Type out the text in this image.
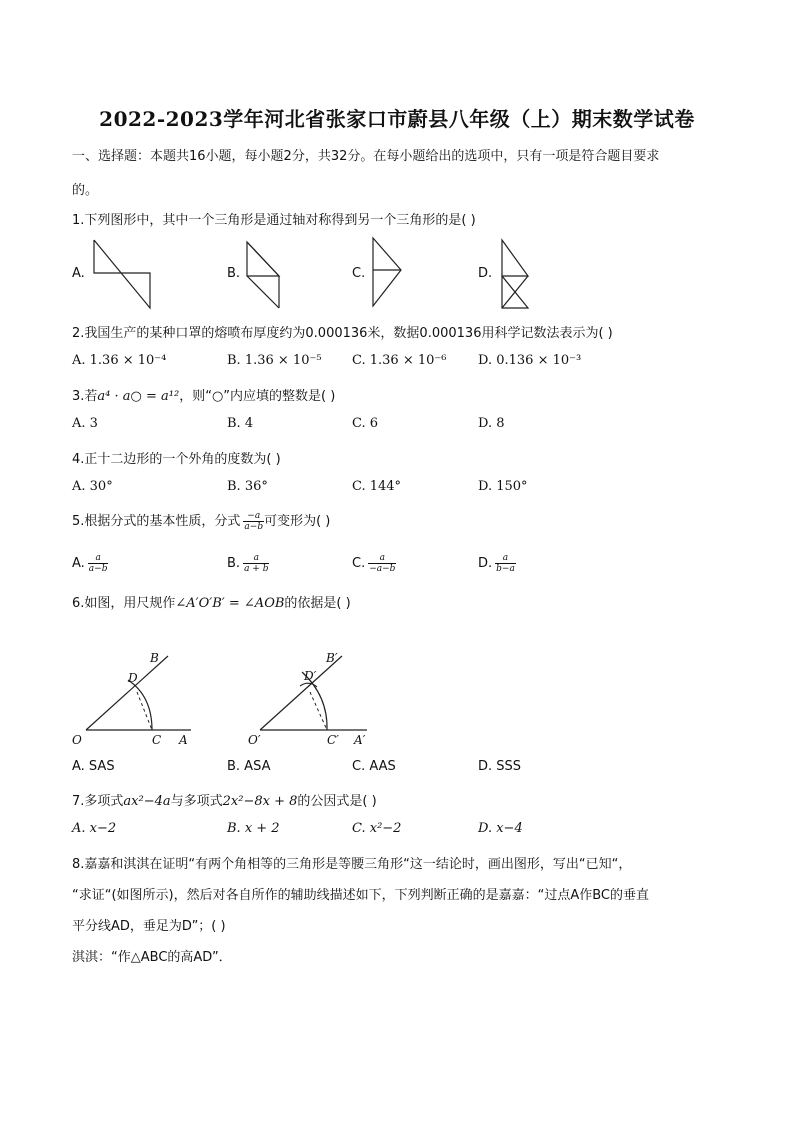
2022-2023学年河北省张家口市蔚县八年级（上）期末数学试卷
一、选择题：本题共16小题，每小题2分，共32分。在每小题给出的选项中，只有一项是符合题目要求
的。
1.下列图形中，其中一个三角形是通过轴对称得到另一个三角形的是( )
A.	B.	C.	D.
2.我国生产的某种口罩的熔喷布厚度约为0.000136米，数据0.000136用科学记数法表示为( )
A. 1.36 × 10⁻⁴	B. 1.36 × 10⁻⁵ C. 1.36 × 10⁻⁶ D. 0.136 × 10⁻³
3.若a⁴ · a○ = a¹²，则“○”内应填的整数是( )
A. 3	B. 4	C. 6	D. 8
4.正十二边形的一个外角的度数为( )
A. 30°	B. 36°	C. 144°	D. 150°
5.根据分式的基本性质，分式 $\frac{-a}{a-b}$ 可变形为( )
A. $\frac{a}{a-b}$	B. $\frac{a}{a + b}$	C. $\frac{a}{-a-b}$	D. $\frac{a}{b-a}$
6.如图，用尺规作∠A′O′B′ = ∠AOB的依据是( )
O	C A
D
B
O′	C′ A′
D′
B′
A. SAS	B. ASA	C. AAS	D. SSS
7.多项式ax²−4a与多项式2x²−8x + 8的公因式是( )
A. x−2	B. x + 2	C. x²−2	D. x−4
8.嘉嘉和淇淇在证明“有两个角相等的三角形是等腰三角形“这一结论时，画出图形，写出“已知“，
“求证“(如图所示)，然后对各自所作的辅助线描述如下，下列判断正确的是嘉嘉：“过点A作BC的垂直
平分线AD，垂足为D”；( )
淇淇：“作△ABC的高AD”．
